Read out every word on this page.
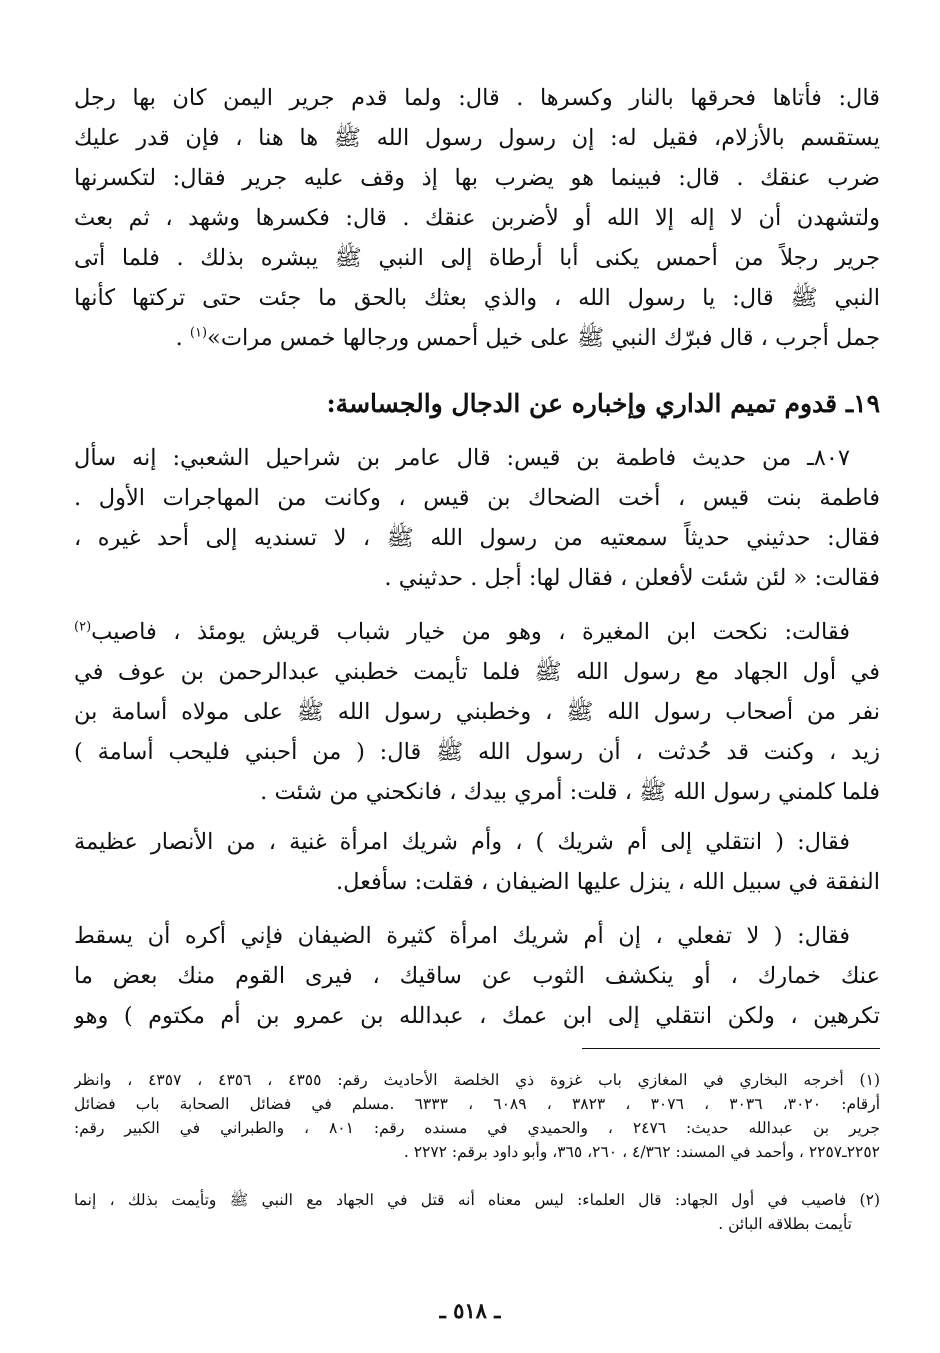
قال: فأتاها فحرقها بالنار وكسرها . قال: ولما قدم جرير اليمن كان بها رجل
يستقسم بالأزلام، فقيل له: إن رسول رسول الله ﷺ ها هنا ، فإن قدر عليك
ضرب عنقك . قال: فبينما هو يضرب بها إذ وقف عليه جرير فقال: لتكسرنها
ولتشهدن أن لا إله إلا الله أو لأضربن عنقك . قال: فكسرها وشهد ، ثم بعث
جرير رجلاً من أحمس يكنى أبا أرطاة إلى النبي ﷺ يبشره بذلك . فلما أتى
النبي ﷺ قال: يا رسول الله ، والذي بعثك بالحق ما جئت حتى تركتها كأنها
جمل أجرب ، قال فبرّك النبي ﷺ على خيل أحمس ورجالها خمس مرات»$^{(١)}$ .
١٩ـ قدوم تميم الداري وإخباره عن الدجال والجساسة:
٨٠٧ـ من حديث فاطمة بن قيس: قال عامر بن شراحيل الشعبي: إنه سأل
فاطمة بنت قيس ، أخت الضحاك بن قيس ، وكانت من المهاجرات الأول .
فقال: حدثيني حديثاً سمعتيه من رسول الله ﷺ ، لا تسنديه إلى أحد غيره ،
فقالت: « لئن شئت لأفعلن ، فقال لها: أجل . حدثيني .
فقالت: نكحت ابن المغيرة ، وهو من خيار شباب قريش يومئذ ، فاصيب$^{(٢)}$
في أول الجهاد مع رسول الله ﷺ فلما تأيمت خطبني عبدالرحمن بن عوف في
نفر من أصحاب رسول الله ﷺ ، وخطبني رسول الله ﷺ على مولاه أسامة بن
زيد ، وكنت قد حُدثت ، أن رسول الله ﷺ قال: ( من أحبني فليحب أسامة )
فلما كلمني رسول الله ﷺ ، قلت: أمري بيدك ، فانكحني من شئت .
فقال: ( انتقلي إلى أم شريك ) ، وأم شريك امرأة غنية ، من الأنصار عظيمة
النفقة في سبيل الله ، ينزل عليها الضيفان ، فقلت: سأفعل.
فقال: ( لا تفعلي ، إن أم شريك امرأة كثيرة الضيفان فإني أكره أن يسقط
عنك خمارك ، أو ينكشف الثوب عن ساقيك ، فيرى القوم منك بعض ما
تكرهين ، ولكن انتقلي إلى ابن عمك ، عبدالله بن عمرو بن أم مكتوم ) وهو
(١) أخرجه البخاري في المغازي باب غزوة ذي الخلصة الأحاديث رقم: ٤٣٥٥ ، ٤٣٥٦ ، ٤٣٥٧ ، وانظر
أرقام: ٣٠٢٠، ٣٠٣٦ ، ٣٠٧٦ ، ٣٨٢٣ ، ٦٠٨٩ ، ٦٣٣٣ .مسلم في فضائل الصحابة باب فضائل
جرير بن عبدالله حديث: ٢٤٧٦ ، والحميدي في مسنده رقم: ٨٠١ ، والطبراني في الكبير رقم:
٢٢٥٢ـ٢٢٥٧ ، وأحمد في المسند: ٤/٣٦٢ ، ٢٦٠، ٣٦٥، وأبو داود برقم: ٢٢٧٢ .
(٢) فاصيب في أول الجهاد: قال العلماء: ليس معناه أنه قتل في الجهاد مع النبي ﷺ وتأيمت بذلك ، إنما
تأيمت بطلاقه البائن .
ـ ٥١٨ ـ
